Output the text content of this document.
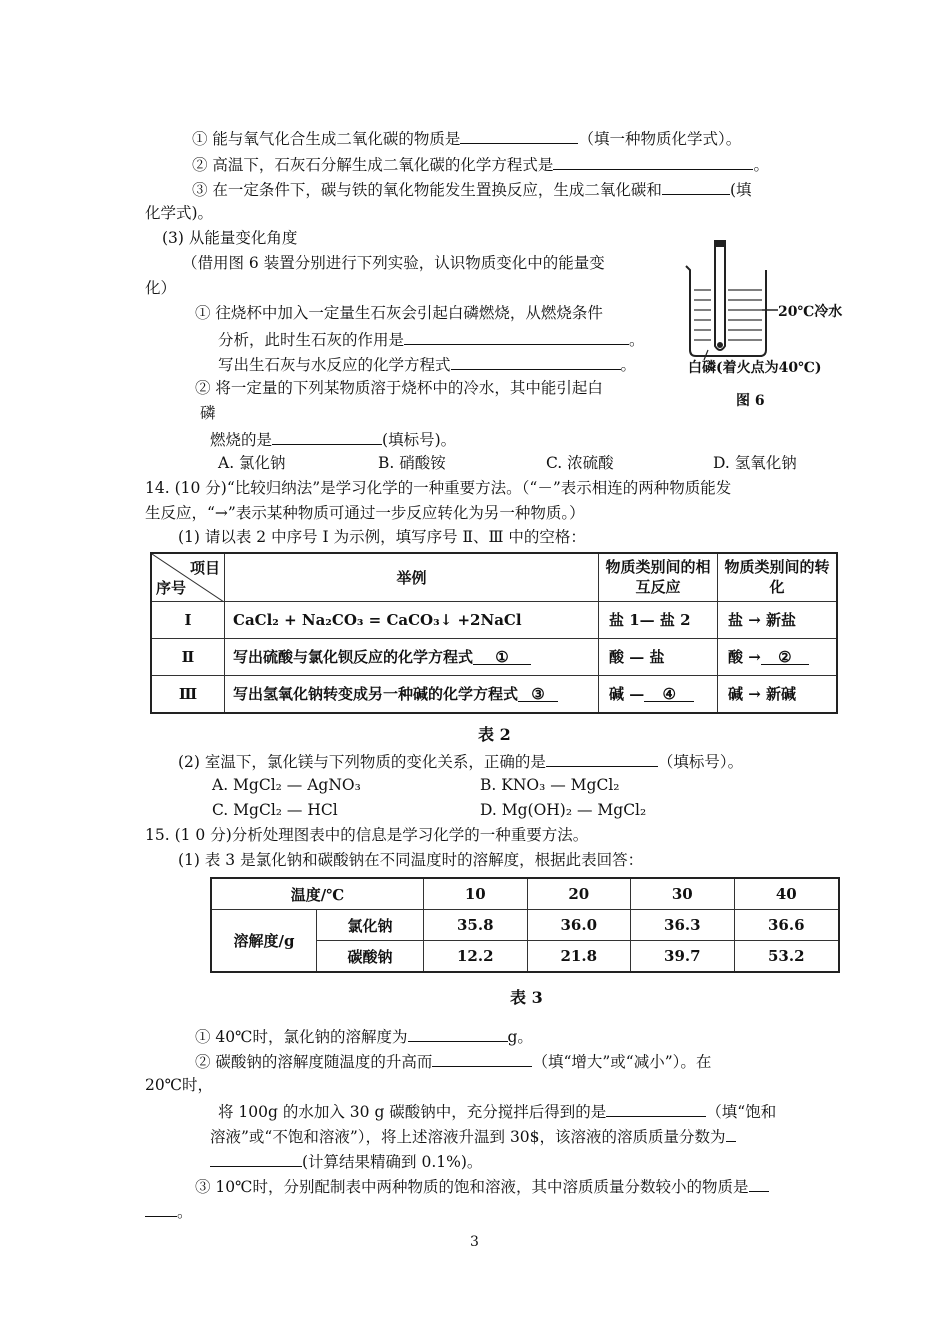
① 能与氧气化合生成二氧化碳的物质是	（填一种物质化学式）。
② 高温下，石灰石分解生成二氧化碳的化学方程式是	。
③ 在一定条件下，碳与铁的氧化物能发生置换反应，生成二氧化碳和	(填
化学式)。
(3) 从能量变化角度
（借用图 6 装置分别进行下列实验，认识物质变化中的能量变
化）
① 往烧杯中加入一定量生石灰会引起白磷燃烧，从燃烧条件
分析，此时生石灰的作用是	。
写出生石灰与水反应的化学方程式	。
② 将一定量的下列某物质溶于烧杯中的冷水，其中能引起白
磷
燃烧的是	(填标号)。
A. 氯化钠	B. 硝酸铵	C. 浓硫酸	D. 氢氧化钠
20℃冷水
白磷(着火点为40℃)
图 6
14. (10 分)“比较归纳法”是学习化学的一种重要方法。（“－”表示相连的两种物质能发
生反应，“→”表示某种物质可通过一步反应转化为另一种物质。）
(1) 请以表 2 中序号 Ⅰ 为示例，填写序号 Ⅱ、Ⅲ 中的空格：
项目
序号	举例	物质类别间的相互反应	物质类别间的转化
Ⅰ	CaCl₂ + Na₂CO₃ = CaCO₃↓ +2NaCl	盐 1— 盐 2	盐 → 新盐
Ⅱ	写出硫酸与氯化钡反应的化学方程式 ①	酸 — 盐	酸 → ②
Ⅲ	写出氢氧化钠转变成另一种碱的化学方程式 ③	碱 — ④	碱 → 新碱
表 2
(2) 室温下，氯化镁与下列物质的变化关系，正确的是	（填标号）。
A. MgCl₂ — AgNO₃	B. KNO₃ — MgCl₂
C. MgCl₂ — HCl	D. Mg(OH)₂ — MgCl₂
15. (1 0 分)分析处理图表中的信息是学习化学的一种重要方法。
(1) 表 3 是氯化钠和碳酸钠在不同温度时的溶解度，根据此表回答：
温度/℃		10	20	30	40
溶解度/g	氯化钠	35.8	36.0	36.3	36.6
	碳酸钠	12.2	21.8	39.7	53.2
表 3
① 40℃时，氯化钠的溶解度为	g。
② 碳酸钠的溶解度随温度的升高而	（填“增大”或“减小”）。在
20℃时，
将 100g 的水加入 30 g 碳酸钠中，充分搅拌后得到的是	（填“饱和
溶液”或“不饱和溶液”），将上述溶液升温到 30$，该溶液的溶质质量分数为
(计算结果精确到 0.1%)。
③ 10℃时，分别配制表中两种物质的饱和溶液，其中溶质质量分数较小的物质是
。
3
